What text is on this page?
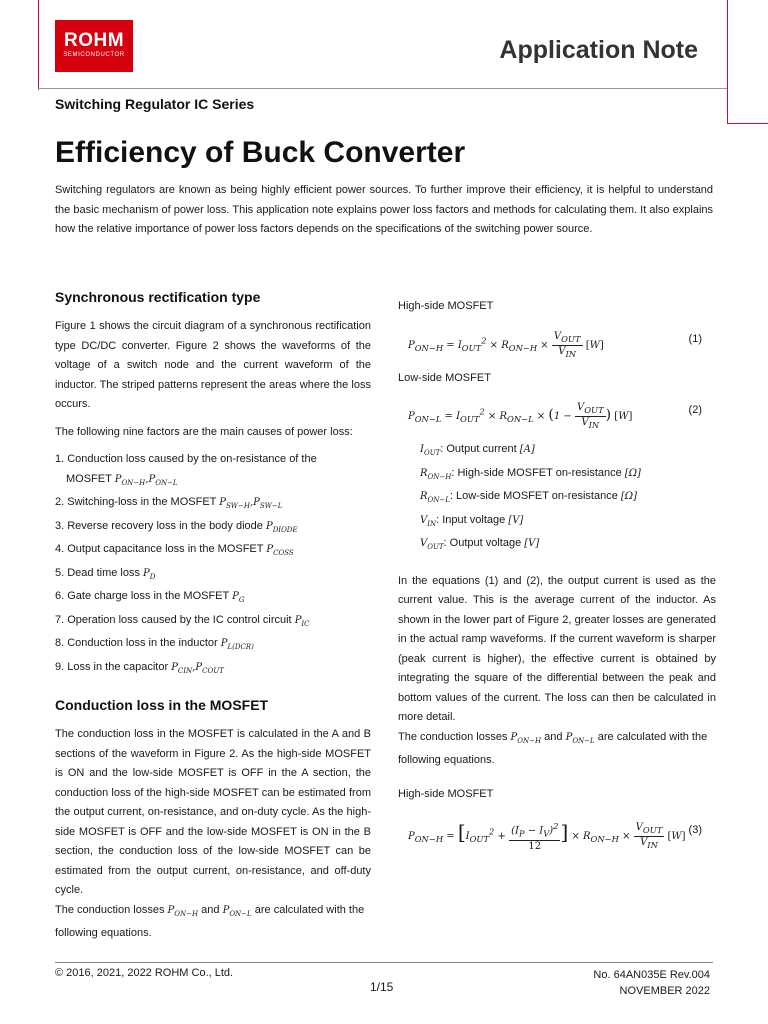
ROHM
SEMICONDUCTOR	Application Note
Switching Regulator IC Series
Efficiency of Buck Converter

Switching regulators are known as being highly efficient power sources. To further improve their efficiency, it is helpful to understand the basic mechanism of power loss. This application note explains power loss factors and methods for calculating them. It also explains how the relative importance of power loss factors depends on the specifications of the switching power source.

Synchronous rectification type

Figure 1 shows the circuit diagram of a synchronous rectification type DC/DC converter. Figure 2 shows the waveforms of the voltage of a switch node and the current waveform of the inductor. The striped patterns represent the areas where the loss occurs.

The following nine factors are the main causes of power loss:

1. Conduction loss caused by the on-resistance of the
MOSFET $P_{ON-H},P_{ON-L}$
2. Switching-loss in the MOSFET $P_{SW-H},P_{SW-L}$
3. Reverse recovery loss in the body diode $P_{DIODE}$
4. Output capacitance loss in the MOSFET $P_{COSS}$
5. Dead time loss $P_D$
6. Gate charge loss in the MOSFET $P_G$
7. Operation loss caused by the IC control circuit $P_{IC}$
8. Conduction loss in the inductor $P_{L(DCR)}$
9. Loss in the capacitor $P_{CIN},P_{COUT}$
Conduction loss in the MOSFET

The conduction loss in the MOSFET is calculated in the A and B sections of the waveform in Figure 2. As the high-side MOSFET is ON and the low-side MOSFET is OFF in the A section, the conduction loss of the high-side MOSFET can be estimated from the output current, on-resistance, and on-duty cycle. As the high-side MOSFET is OFF and the low-side MOSFET is ON in the B section, the conduction loss of the low-side MOSFET can be estimated from the output current, on-resistance, and off-duty cycle.

The conduction losses $P_{ON-H}$ and $P_{ON-L}$ are calculated with the following equations.

High-side MOSFET
$P_{ON-H} = I_{OUT}^2 \times R_{ON-H} \times \frac{V_{OUT}}{V_{IN}} [W]$
(1)
Low-side MOSFET
$P_{ON-L} = I_{OUT}^2 \times R_{ON-L} \times (1 - \frac{V_{OUT}}{V_{IN}}$ ) [W]
(2)
$I_{OUT}$: Output current [A]
$R_{ON-H}$: High-side MOSFET on-resistance [Ω]
$R_{ON-L}$: Low-side MOSFET on-resistance [Ω]
$V_{IN}$: Input voltage [V]
$V_{OUT}$: Output voltage [V]

In the equations (1) and (2), the output current is used as the current value. This is the average current of the inductor. As shown in the lower part of Figure 2, greater losses are generated in the actual ramp waveforms. If the current waveform is sharper (peak current is higher), the effective current is obtained by integrating the square of the differential between the peak and bottom values of the current. The loss can then be calculated in more detail.

The conduction losses $P_{ON-H}$ and $P_{ON-L}$ are calculated with the following equations.

High-side MOSFET
$P_{ON-H} = [I_{OUT}^2 + \frac{(I_P - I_V)^2}{12}$ ] × $R_{ON-H} \times \frac{V_{OUT}}{V_{IN}} [W]$
(3)
© 2016, 2021, 2022 ROHM Co., Ltd.
1/15
No. 64AN035E Rev.004
NOVEMBER 2022
